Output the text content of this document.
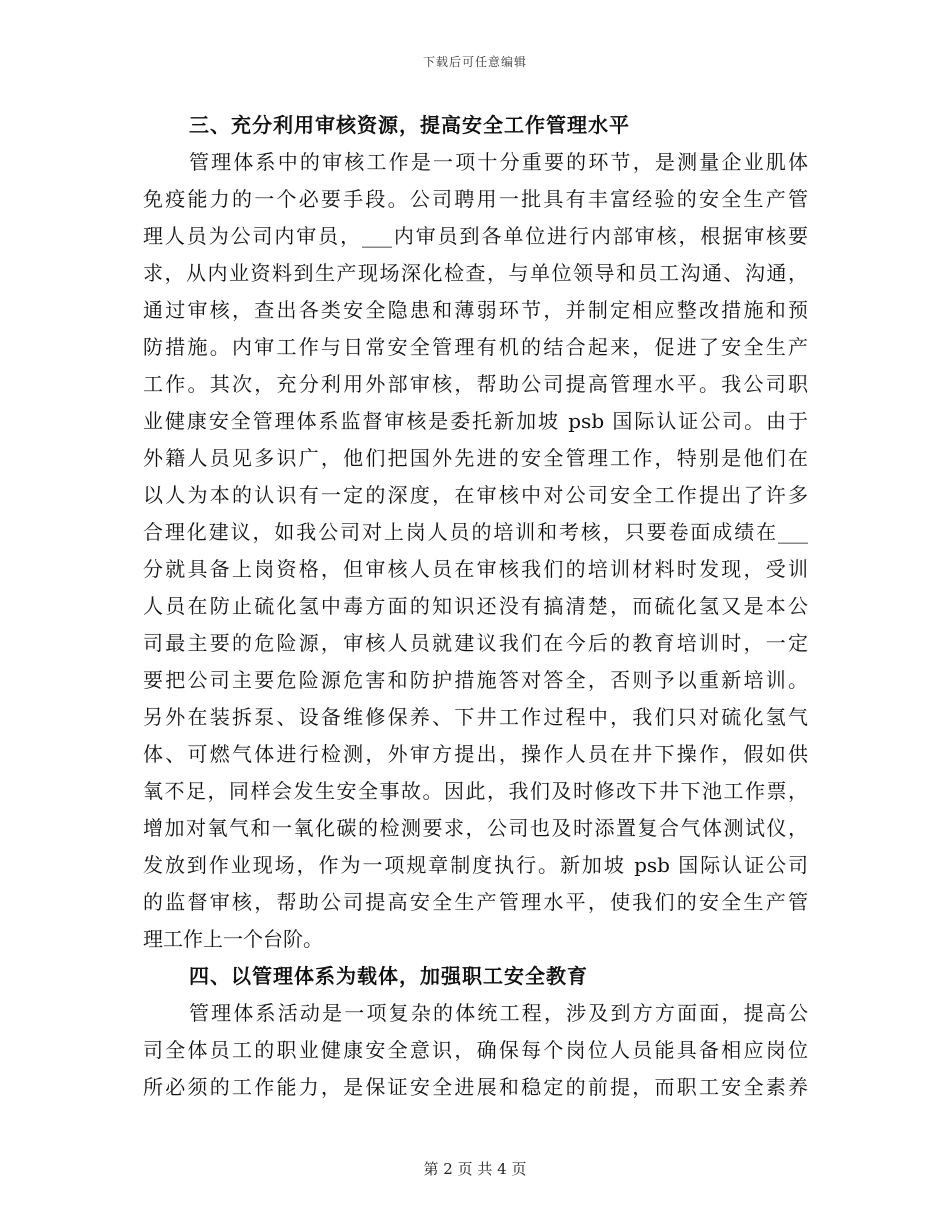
下载后可任意编辑
三、充分利用审核资源，提高安全工作管理水平
管理体系中的审核工作是一项十分重要的环节，是测量企业肌体
免疫能力的一个必要手段。公司聘用一批具有丰富经验的安全生产管
理人员为公司内审员，___内审员到各单位进行内部审核，根据审核要
求，从内业资料到生产现场深化检查，与单位领导和员工沟通、沟通，
通过审核，查出各类安全隐患和薄弱环节，并制定相应整改措施和预
防措施。内审工作与日常安全管理有机的结合起来，促进了安全生产
工作。其次，充分利用外部审核，帮助公司提高管理水平。我公司职
业健康安全管理体系监督审核是委托新加坡 psb 国际认证公司。由于
外籍人员见多识广，他们把国外先进的安全管理工作，特别是他们在
以人为本的认识有一定的深度，在审核中对公司安全工作提出了许多
合理化建议，如我公司对上岗人员的培训和考核，只要卷面成绩在___
分就具备上岗资格，但审核人员在审核我们的培训材料时发现，受训
人员在防止硫化氢中毒方面的知识还没有搞清楚，而硫化氢又是本公
司最主要的危险源，审核人员就建议我们在今后的教育培训时，一定
要把公司主要危险源危害和防护措施答对答全，否则予以重新培训。
另外在装拆泵、设备维修保养、下井工作过程中，我们只对硫化氢气
体、可燃气体进行检测，外审方提出，操作人员在井下操作，假如供
氧不足，同样会发生安全事故。因此，我们及时修改下井下池工作票，
增加对氧气和一氧化碳的检测要求，公司也及时添置复合气体测试仪，
发放到作业现场，作为一项规章制度执行。新加坡 psb 国际认证公司
的监督审核，帮助公司提高安全生产管理水平，使我们的安全生产管
理工作上一个台阶。
四、以管理体系为载体，加强职工安全教育
管理体系活动是一项复杂的体统工程，涉及到方方面面，提高公
司全体员工的职业健康安全意识，确保每个岗位人员能具备相应岗位
所必须的工作能力，是保证安全进展和稳定的前提，而职工安全素养
第 2 页 共 4 页
